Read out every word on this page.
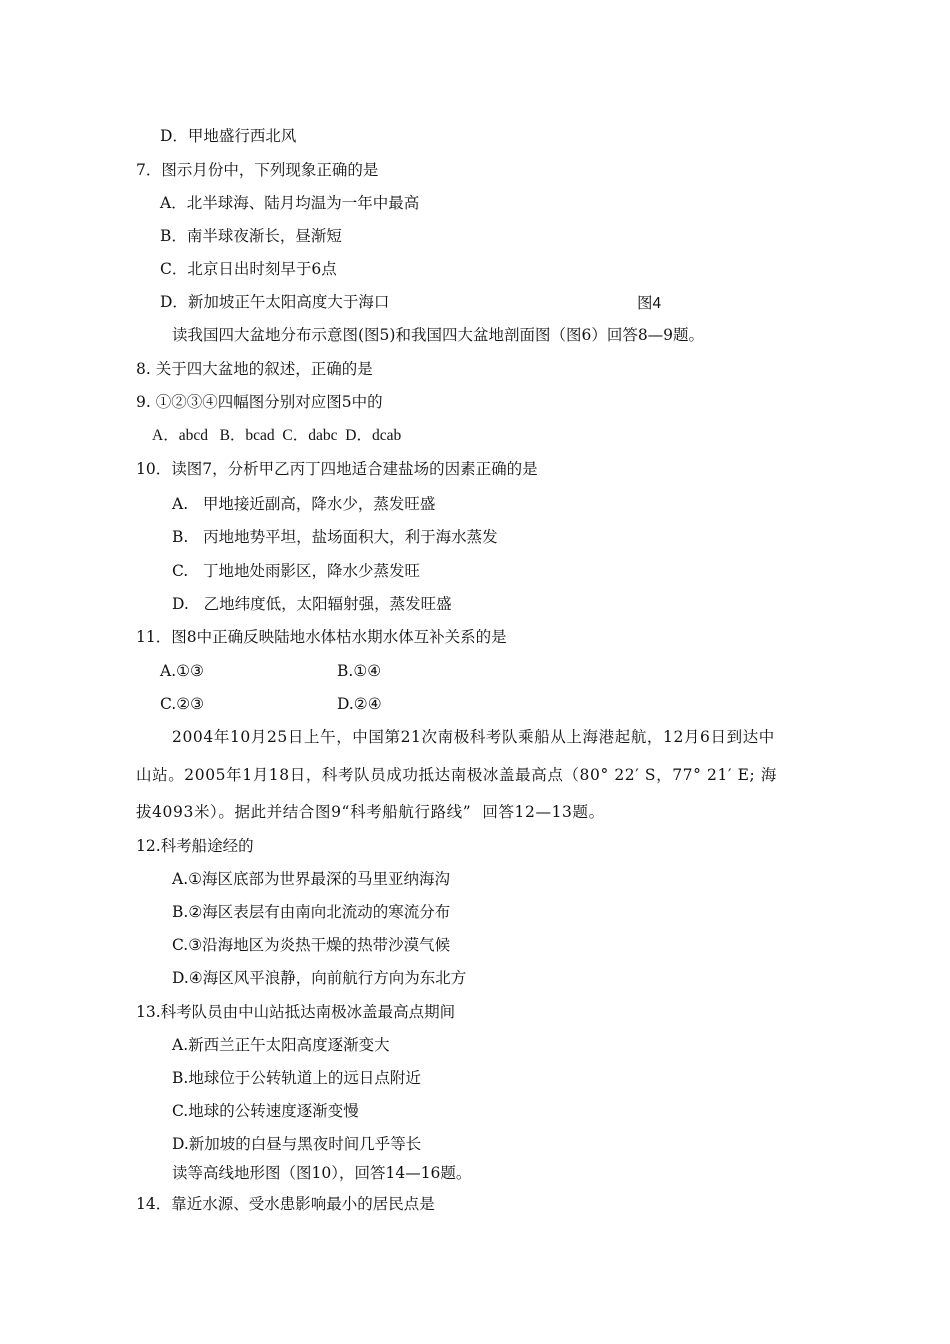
D．甲地盛行西北风
7．图示月份中，下列现象正确的是
A．北半球海、陆月均温为一年中最高
B．南半球夜渐长，昼渐短
C．北京日出时刻早于6点
D．新加坡正午太阳高度大于海口	图4
读我国四大盆地分布示意图(图5)和我国四大盆地剖面图（图6）回答8—9题。
8. 关于四大盆地的叙述，正确的是
9. ①②③④四幅图分别对应图5中的
A．abcd   B．bcad  C．dabc  D．dcab
10．读图7，分析甲乙丙丁四地适合建盐场的因素正确的是
A.   甲地接近副高，降水少，蒸发旺盛
B.   丙地地势平坦，盐场面积大，利于海水蒸发
C.   丁地地处雨影区，降水少蒸发旺
D.   乙地纬度低，太阳辐射强，蒸发旺盛
11．图8中正确反映陆地水体枯水期水体互补关系的是
A.①③	B.①④
C.②③	D.②④
2004年10月25日上午，中国第21次南极科考队乘船从上海港起航，12月6日到达中
山站。2005年1月18日，科考队员成功抵达南极冰盖最高点（80° 22′ S，77° 21′ E; 海
拔4093米）。据此并结合图9“科考船航行路线”  回答12—13题。
12.科考船途经的
A.①海区底部为世界最深的马里亚纳海沟
B.②海区表层有由南向北流动的寒流分布
C.③沿海地区为炎热干燥的热带沙漠气候
D.④海区风平浪静，向前航行方向为东北方
13.科考队员由中山站抵达南极冰盖最高点期间
A.新西兰正午太阳高度逐渐变大
B.地球位于公转轨道上的远日点附近
C.地球的公转速度逐渐变慢
D.新加坡的白昼与黑夜时间几乎等长
读等高线地形图（图10），回答14—16题。
14．靠近水源、受水患影响最小的居民点是
